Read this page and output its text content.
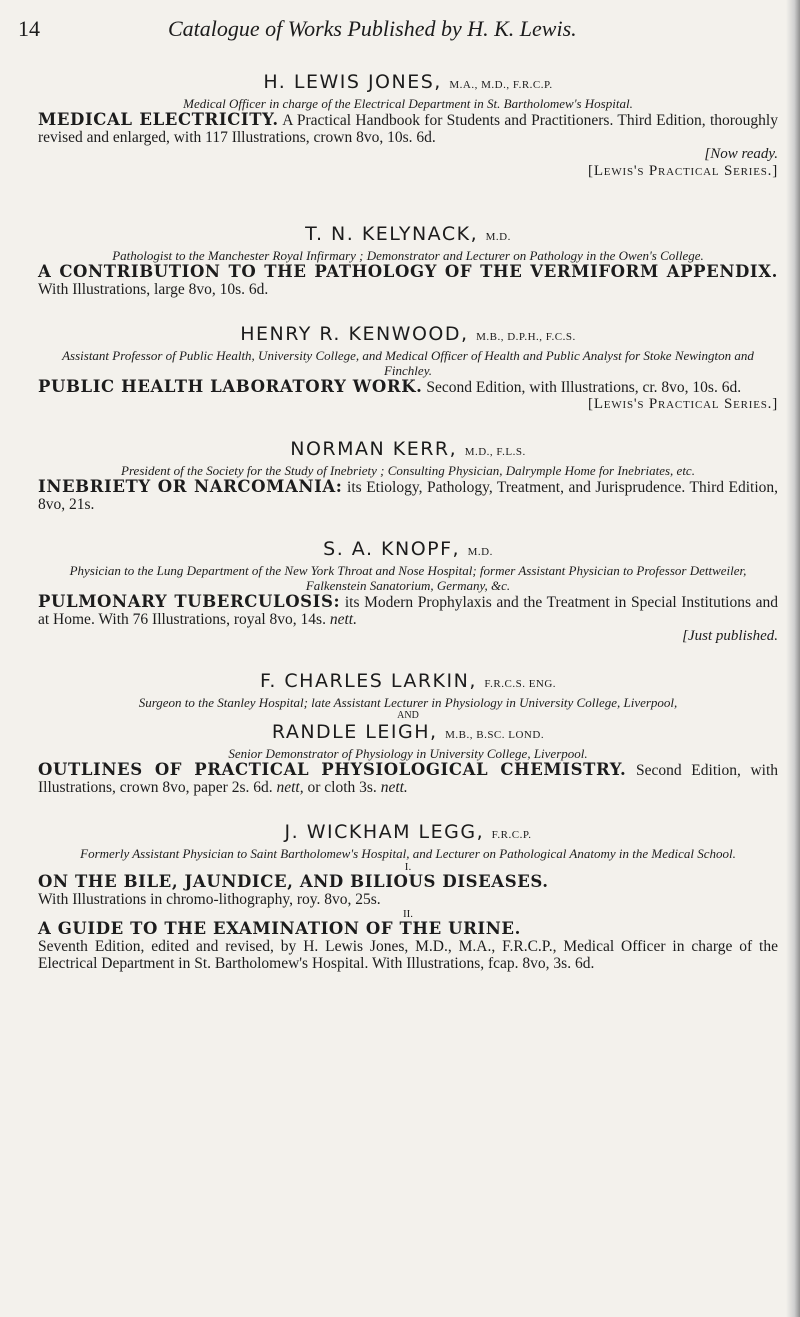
14	Catalogue of Works Published by H. K. Lewis.
H. LEWIS JONES, M.A., M.D., F.R.C.P.
Medical Officer in charge of the Electrical Department in St. Bartholomew's Hospital.
MEDICAL ELECTRICITY. A Practical Handbook for Students and Practitioners. Third Edition, thoroughly revised and enlarged, with 117 Illustrations, crown 8vo, 10s. 6d.
[Now ready.
[Lewis's Practical Series.]
T. N. KELYNACK, M.D.
Pathologist to the Manchester Royal Infirmary ; Demonstrator and Lecturer on Pathology in the Owen's College.
A CONTRIBUTION TO THE PATHOLOGY OF THE VERMIFORM APPENDIX. With Illustrations, large 8vo, 10s. 6d.
HENRY R. KENWOOD, M.B., D.P.H., F.C.S.
Assistant Professor of Public Health, University College, and Medical Officer of Health and Public Analyst for Stoke Newington and Finchley.
PUBLIC HEALTH LABORATORY WORK. Second Edition, with Illustrations, cr. 8vo, 10s. 6d.
[Lewis's Practical Series.]
NORMAN KERR, M.D., F.L.S.
President of the Society for the Study of Inebriety ; Consulting Physician, Dalrymple Home for Inebriates, etc.
INEBRIETY OR NARCOMANIA: its Etiology, Pathology, Treatment, and Jurisprudence. Third Edition, 8vo, 21s.
S. A. KNOPF, M.D.
Physician to the Lung Department of the New York Throat and Nose Hospital; former Assistant Physician to Professor Dettweiler, Falkenstein Sanatorium, Germany, &c.
PULMONARY TUBERCULOSIS: its Modern Prophylaxis and the Treatment in Special Institutions and at Home. With 76 Illustrations, royal 8vo, 14s. nett.
[Just published.
F. CHARLES LARKIN, F.R.C.S. ENG.
Surgeon to the Stanley Hospital; late Assistant Lecturer in Physiology in University College, Liverpool,
AND
RANDLE LEIGH, M.B., B.SC. LOND.
Senior Demonstrator of Physiology in University College, Liverpool.
OUTLINES OF PRACTICAL PHYSIOLOGICAL CHEMISTRY. Second Edition, with Illustrations, crown 8vo, paper 2s. 6d. nett, or cloth 3s. nett.
J. WICKHAM LEGG, F.R.C.P.
Formerly Assistant Physician to Saint Bartholomew's Hospital, and Lecturer on Pathological Anatomy in the Medical School.
I.
ON THE BILE, JAUNDICE, AND BILIOUS DISEASES.
With Illustrations in chromo-lithography, roy. 8vo, 25s.
II.
A GUIDE TO THE EXAMINATION OF THE URINE.
Seventh Edition, edited and revised, by H. Lewis Jones, M.D., M.A., F.R.C.P., Medical Officer in charge of the Electrical Department in St. Bartholomew's Hospital. With Illustrations, fcap. 8vo, 3s. 6d.
